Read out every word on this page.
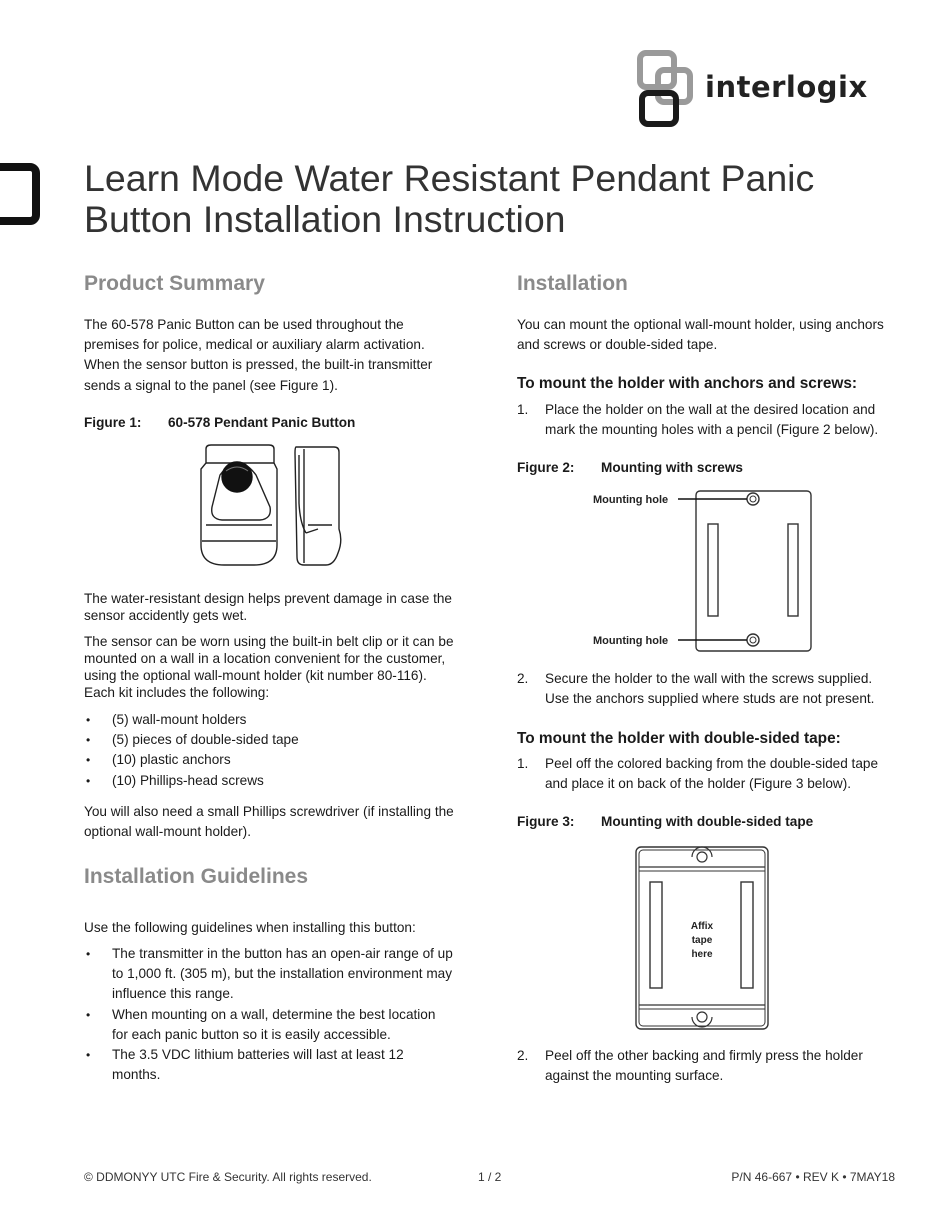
interlogix
Learn Mode Water Resistant Pendant Panic
Button Installation Instruction
Product Summary

The 60-578 Panic Button can be used throughout the premises for police, medical or auxiliary alarm activation. When the sensor button is pressed, the built-in transmitter sends a signal to the panel (see Figure 1).

Figure 1: 60-578 Pendant Panic Button

The water-resistant design helps prevent damage in case the sensor accidently gets wet.

The sensor can be worn using the built-in belt clip or it can be mounted on a wall in a location convenient for the customer, using the optional wall-mount holder (kit number 80-116). Each kit includes the following:

• (5) wall-mount holders
• (5) pieces of double-sided tape
• (10) plastic anchors
• (10) Phillips-head screws

You will also need a small Phillips screwdriver (if installing the optional wall-mount holder).

Installation Guidelines

Use the following guidelines when installing this button:

• The transmitter in the button has an open-air range of up to 1,000 ft. (305 m), but the installation environment may influence this range.
• When mounting on a wall, determine the best location for each panic button so it is easily accessible.
• The 3.5 VDC lithium batteries will last at least 12 months.
Installation

You can mount the optional wall-mount holder, using anchors and screws or double-sided tape.

To mount the holder with anchors and screws:
1. Place the holder on the wall at the desired location and mark the mounting holes with a pencil (Figure 2 below).
Figure 2: Mounting with screws
Mounting hole
Mounting hole
2. Secure the holder to the wall with the screws supplied. Use the anchors supplied where studs are not present.
To mount the holder with double-sided tape:
1. Peel off the colored backing from the double-sided tape and place it on back of the holder (Figure 3 below).
Figure 3: Mounting with double-sided tape
Affix
tape
here
2. Peel off the other backing and firmly press the holder against the mounting surface.
© DDMONYY UTC Fire & Security. All rights reserved.	1 / 2	P/N 46-667 • REV K • 7MAY18
